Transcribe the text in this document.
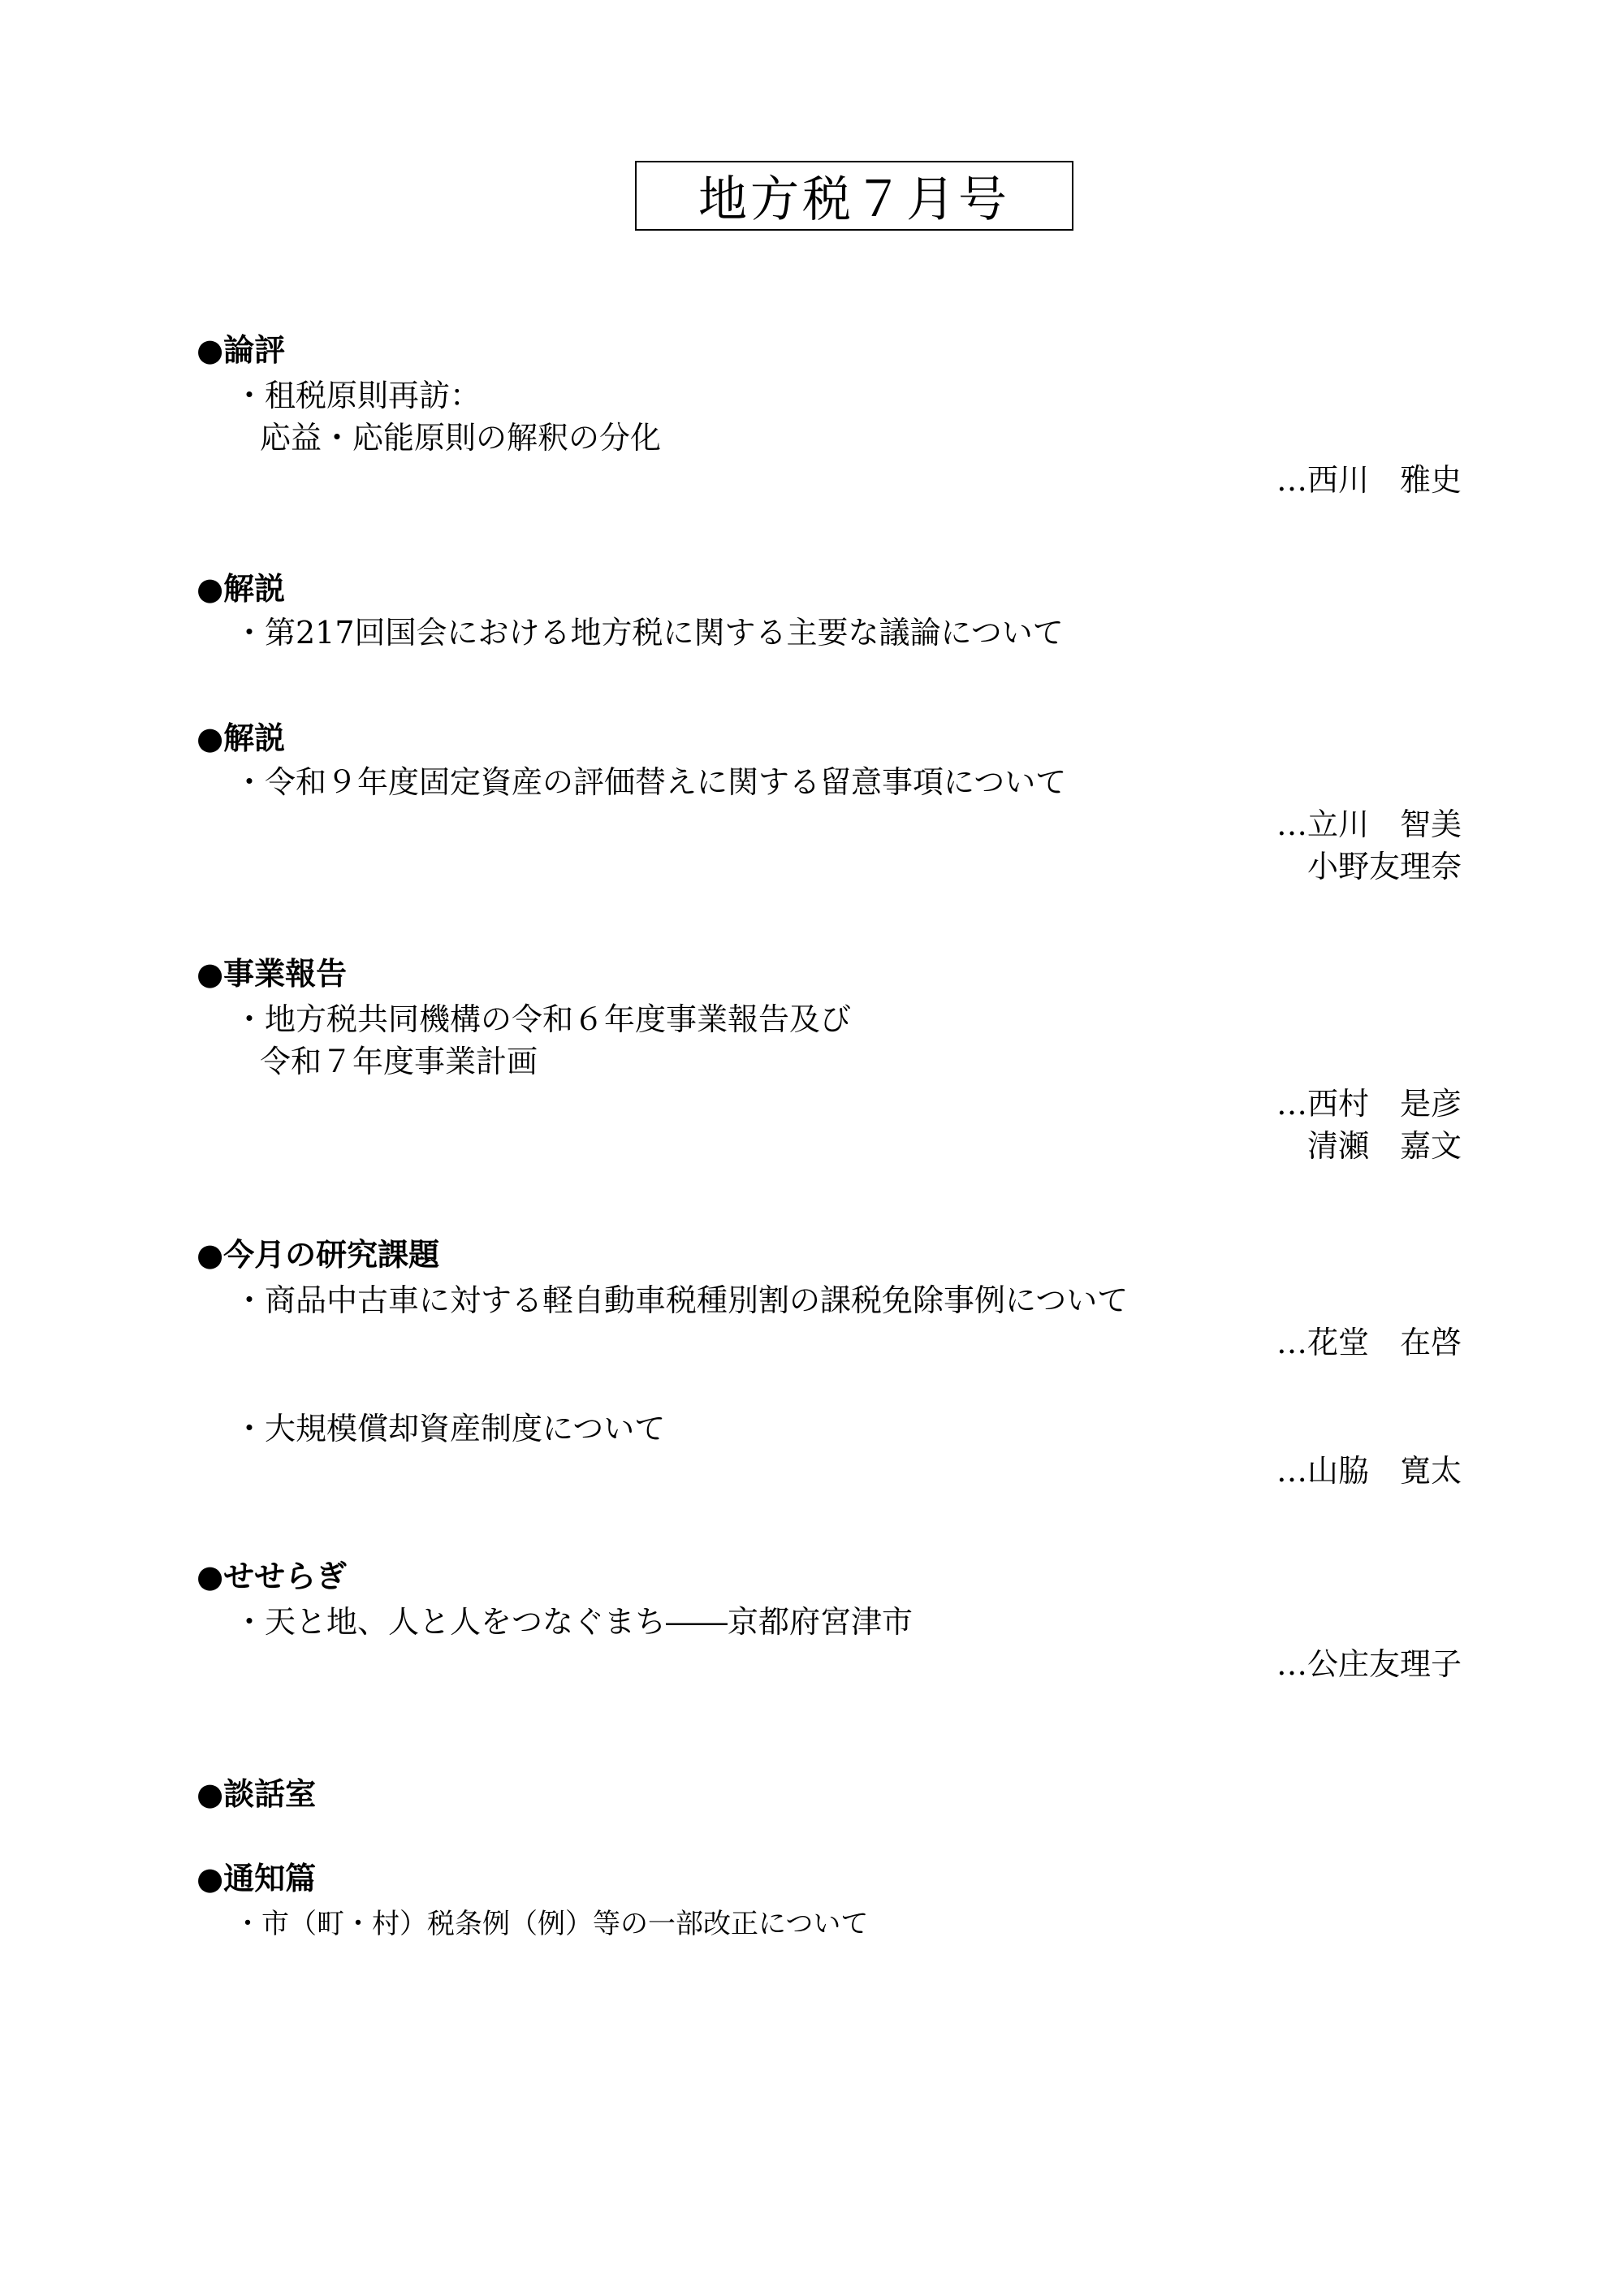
地方税７月号
●論評
・租税原則再訪：
応益・応能原則の解釈の分化
…西川　雅史
●解説
・第217回国会における地方税に関する主要な議論について
●解説
・令和９年度固定資産の評価替えに関する留意事項について
…立川　智美
小野友理奈
●事業報告
・地方税共同機構の令和６年度事業報告及び
令和７年度事業計画
…西村　是彦
清瀬　嘉文
●今月の研究課題
・商品中古車に対する軽自動車税種別割の課税免除事例について
…花堂　在啓
・大規模償却資産制度について
…山脇　寛太
●せせらぎ
・天と地、人と人をつなぐまち――京都府宮津市
…公庄友理子
●談話室
●通知篇
・市（町・村）税条例（例）等の一部改正について
